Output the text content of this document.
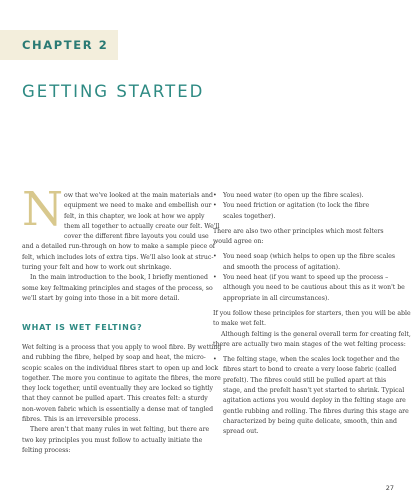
CHAPTER 2
GETTING STARTED
N ow that we've looked at the main materials and
equipment we need to make and embellish our
felt, in this chapter, we look at how we apply
them all together to actually create our felt. We'll
cover the different fibre layouts you could use
and a detailed run-through on how to make a sample piece of
felt, which includes lots of extra tips. We'll also look at struc-
turing your felt and how to work out shrinkage.
In the main introduction to the book, I briefly mentioned
some key feltmaking principles and stages of the process, so
we'll start by going into those in a bit more detail.
WHAT IS WET FELTING?
Wet felting is a process that you apply to wool fibre. By wetting
and rubbing the fibre, helped by soap and heat, the micro-
scopic scales on the individual fibres start to open up and lock
together. The more you continue to agitate the fibres, the more
they lock together, until eventually they are locked so tightly
that they cannot be pulled apart. This creates felt: a sturdy
non-woven fabric which is essentially a dense mat of tangled
fibres. This is an irreversible process.
There aren't that many rules in wet felting, but there are
two key principles you must follow to actually initiate the
felting process:
•	You need water (to open up the fibre scales).
•	You need friction or agitation (to lock the fibre
scales together).
There are also two other principles which most felters
would agree on:
•	You need soap (which helps to open up the fibre scales
and smooth the process of agitation).
•	You need heat (if you want to speed up the process –
although you need to be cautious about this as it won't be
appropriate in all circumstances).
If you follow these principles for starters, then you will be able
to make wet felt.
Although felting is the general overall term for creating felt,
there are actually two main stages of the wet felting process:
•	The felting stage, when the scales lock together and the
fibres start to bond to create a very loose fabric (called
prefelt). The fibres could still be pulled apart at this
stage, and the prefelt hasn't yet started to shrink. Typical
agitation actions you would deploy in the felting stage are
gentle rubbing and rolling. The fibres during this stage are
characterized by being quite delicate, smooth, thin and
spread out.
27
